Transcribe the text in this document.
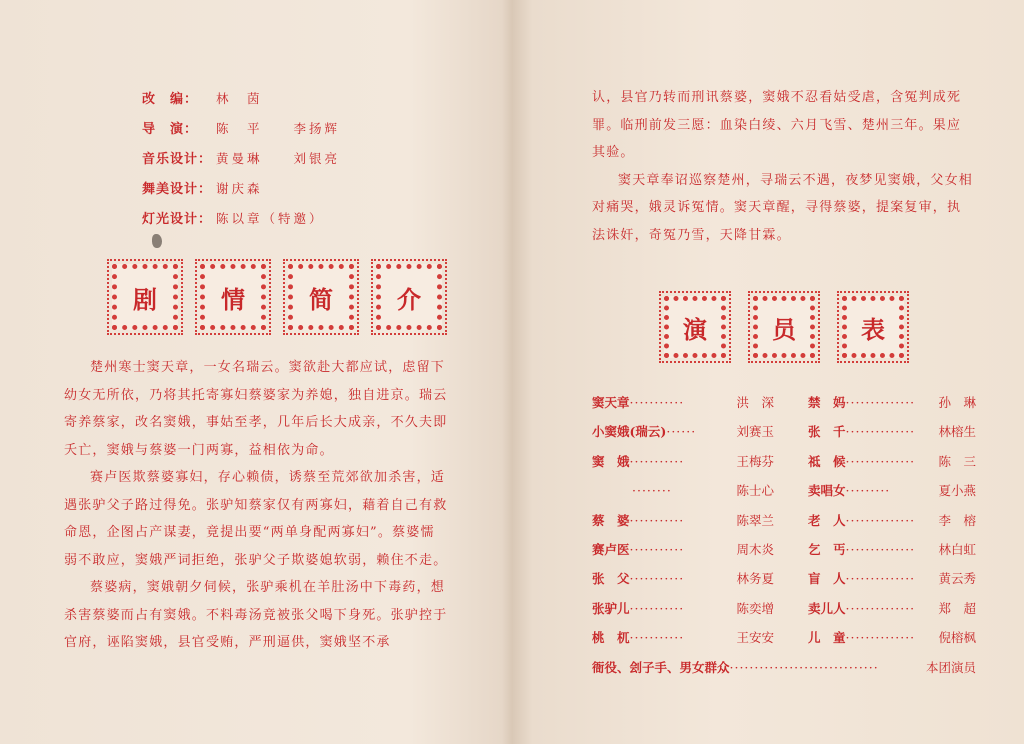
改　编： 林　茵
导　演： 陈　平　　李扬辉
音乐设计： 黄曼琳　　刘银亮
舞美设计： 谢庆森
灯光设计： 陈以章（特邀）
剧	情	简	介

楚州寒士窦天章，一女名瑞云。窦欲赴大都应试，虑留下幼女无所依，乃将其托寄寡妇蔡婆家为养媳，独自进京。瑞云寄养蔡家，改名窦娥，事姑至孝，几年后长大成亲，不久夫即夭亡，窦娥与蔡婆一门两寡，益相依为命。

赛卢医欺蔡婆寡妇，存心赖债，诱蔡至荒郊欲加杀害，适遇张驴父子路过得免。张驴知蔡家仅有两寡妇，藉着自己有救命恩，企图占产谋妻，竟提出要“两单身配两寡妇”。蔡婆懦弱不敢应，窦娥严词拒绝，张驴父子欺婆媳软弱，赖住不走。

蔡婆病，窦娥朝夕伺候，张驴乘机在羊肚汤中下毒药，想杀害蔡婆而占有窦娥。不料毒汤竟被张父喝下身死。张驴控于官府，诬陷窦娥，县官受贿，严刑逼供，窦娥坚不承

认，县官乃转而刑讯蔡婆，窦娥不忍看姑受虐，含冤判成死罪。临刑前发三愿：血染白绫、六月飞雪、楚州三年。果应其验。

窦天章奉诏巡察楚州，寻瑞云不遇，夜梦见窦娥，父女相对痛哭，娥灵诉冤情。窦天章醒，寻得蔡婆，提案复审，执法诛奸，奇冤乃雪，天降甘霖。

演	员	表
窦天章···········	洪　深	禁　妈·············· 孙　琳
小窦娥(瑞云)······	刘赛玉	张　千·············· 林榕生
窦　娥···········	王梅芬	祗　候·············· 陈　三
········	陈士心	卖唱女·········	夏小燕
蔡　婆···········	陈翠兰	老　人·············· 李　榕
赛卢医···········	周木炎	乞　丐·············· 林白虹
张　父···········	林务夏	盲　人·············· 黄云秀
张驴儿···········	陈奕增	卖儿人·············· 郑　超
桃　杌···········	王安安	儿　童·············· 倪榕枫
衙役、刽子手、男女群众······························	本团演员
